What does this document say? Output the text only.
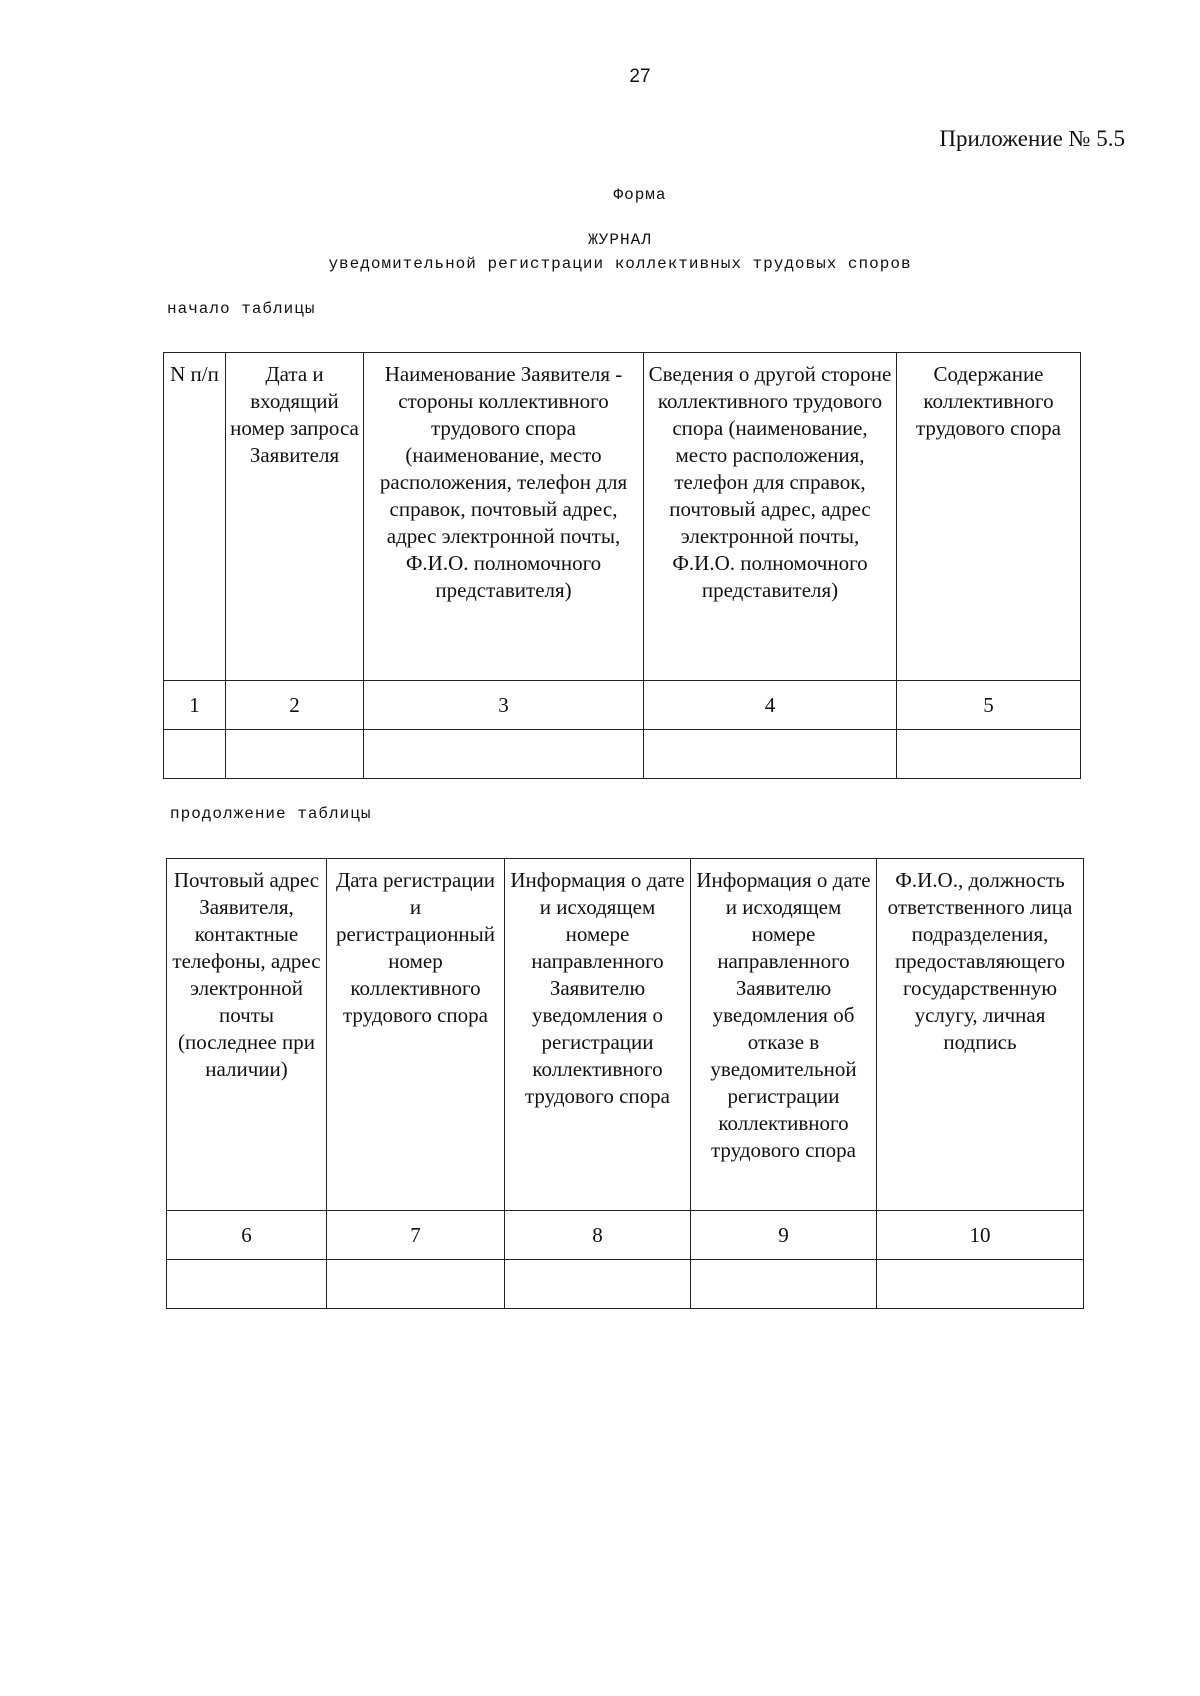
27
Приложение № 5.5
Форма
ЖУРНАЛ
уведомительной регистрации коллективных трудовых споров
начало таблицы
N п/п	Дата и входящий номер запроса Заявителя	Наименование Заявителя - стороны коллективного трудового спора (наименование, место расположения, телефон для справок, почтовый адрес, адрес электронной почты, Ф.И.О. полномочного представителя)	Сведения о другой стороне коллективного трудового спора (наименование, место расположения, телефон для справок, почтовый адрес, адрес электронной почты, Ф.И.О. полномочного представителя)	Содержание коллективного трудового спора
1	2	3	4	5

продолжение таблицы
Почтовый адрес Заявителя, контактные телефоны, адрес электронной почты (последнее при наличии)	Дата регистрации и регистрационный номер коллективного трудового спора	Информация о дате и исходящем номере направленного Заявителю уведомления о регистрации коллективного трудового спора	Информация о дате и исходящем номере направленного Заявителю уведомления об отказе в уведомительной регистрации коллективного трудового спора	Ф.И.О., должность ответственного лица подразделения, предоставляющего государственную услугу, личная подпись
6	7	8	9	10
